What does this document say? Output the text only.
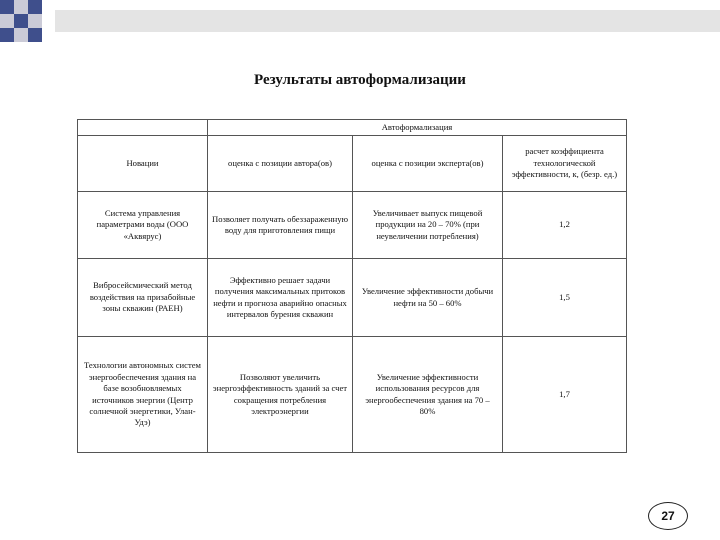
Результаты автоформализации
	Автоформализация		
Новации	оценка с позиции автора(ов)	оценка с позиции эксперта(ов)	расчет коэффициента технологической эффективности, к, (безр. ед.)
Система управления параметрами воды (ООО «Аквярус)	Позволяет получать обеззараженную воду для приготовления пищи	Увеличивает выпуск пищевой продукции на 20 – 70% (при неувеличении потребления)	1,2
Вибросейсмический метод воздействия на призабойные зоны скважин (РАЕН)	Эффективно решает задачи получения максимальных притоков нефти и прогноза аварийно опасных интервалов бурения скважин	Увеличение эффективности добычи нефти на 50 – 60%	1,5
Технологии автономных систем энергообеспечения здания на базе возобновляемых источников энергии (Центр солнечной энергетики, Улан-Удэ)	Позволяют увеличить энергоэффективность зданий за счет сокращения потребления электроэнергии	Увеличение эффективности использования ресурсов для энергообеспечения здания на 70 – 80%	1,7
27
